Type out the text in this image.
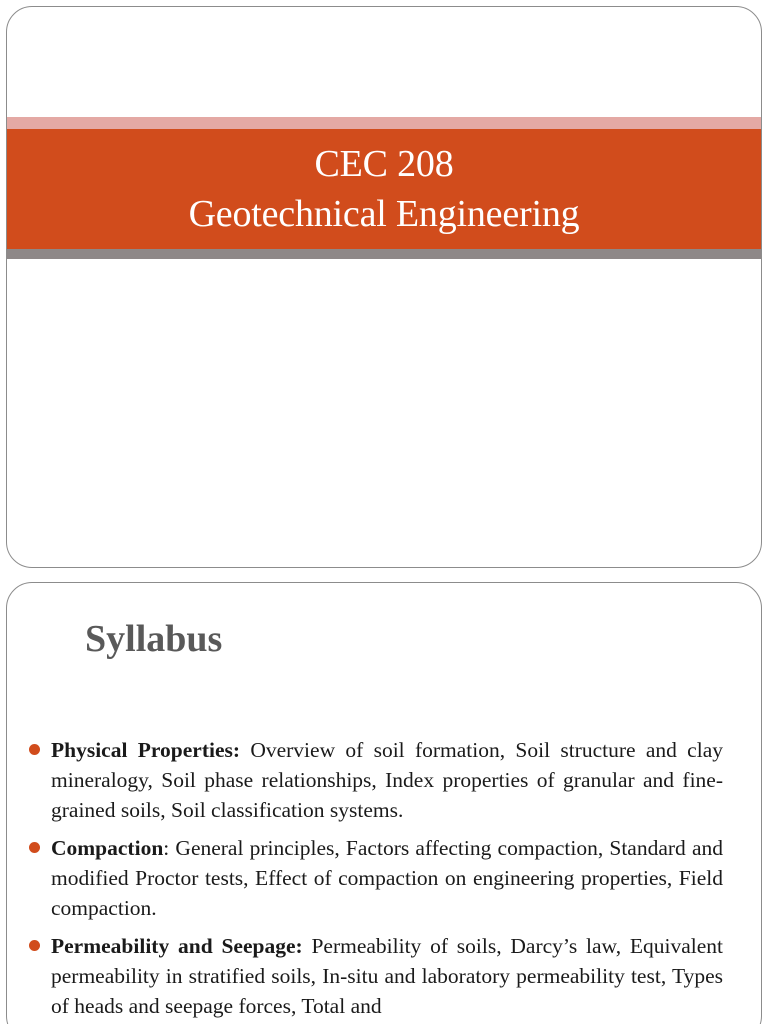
CEC 208
Geotechnical Engineering
Syllabus
Physical Properties: Overview of soil formation, Soil structure and clay mineralogy, Soil phase relationships, Index properties of granular and fine-grained soils, Soil classification systems.
Compaction: General principles, Factors affecting compaction, Standard and modified Proctor tests, Effect of compaction on engineering properties, Field compaction.
Permeability and Seepage: Permeability of soils, Darcy’s law, Equivalent permeability in stratified soils, In-situ and laboratory permeability test, Types of heads and seepage forces, Total and
